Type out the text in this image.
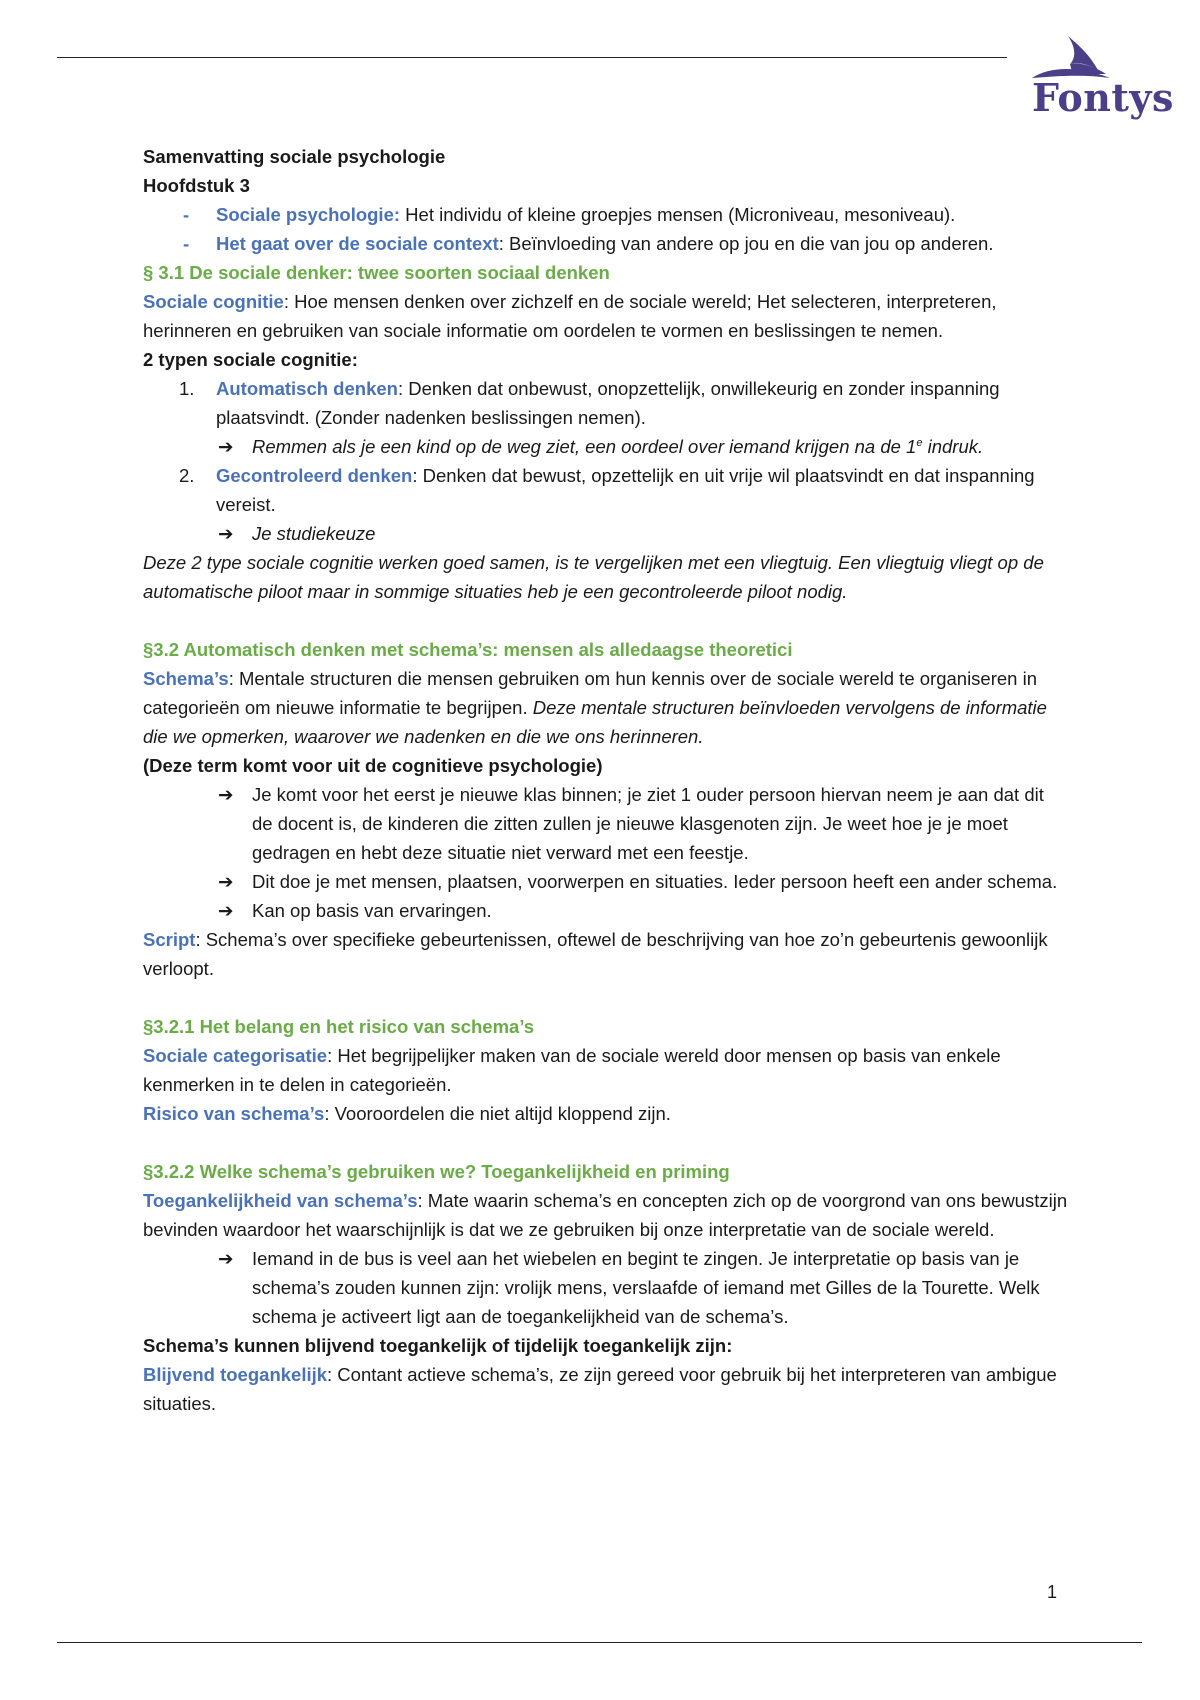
Fontys

Samenvatting sociale psychologie

Hoofdstuk 3

- Sociale psychologie: Het individu of kleine groepjes mensen (Microniveau, mesoniveau).

- Het gaat over de sociale context: Beïnvloeding van andere op jou en die van jou op anderen.

§ 3.1 De sociale denker: twee soorten sociaal denken

Sociale cognitie: Hoe mensen denken over zichzelf en de sociale wereld; Het selecteren, interpreteren, herinneren en gebruiken van sociale informatie om oordelen te vormen en beslissingen te nemen.

2 typen sociale cognitie:

1. Automatisch denken: Denken dat onbewust, onopzettelijk, onwillekeurig en zonder inspanning plaatsvindt. (Zonder nadenken beslissingen nemen).

➔ Remmen als je een kind op de weg ziet, een oordeel over iemand krijgen na de 1e indruk.

2. Gecontroleerd denken: Denken dat bewust, opzettelijk en uit vrije wil plaatsvindt en dat inspanning vereist.

➔ Je studiekeuze

Deze 2 type sociale cognitie werken goed samen, is te vergelijken met een vliegtuig. Een vliegtuig vliegt op de automatische piloot maar in sommige situaties heb je een gecontroleerde piloot nodig.

§3.2 Automatisch denken met schema’s: mensen als alledaagse theoretici

Schema’s: Mentale structuren die mensen gebruiken om hun kennis over de sociale wereld te organiseren in categorieën om nieuwe informatie te begrijpen. Deze mentale structuren beïnvloeden vervolgens de informatie die we opmerken, waarover we nadenken en die we ons herinneren.

(Deze term komt voor uit de cognitieve psychologie)

➔ Je komt voor het eerst je nieuwe klas binnen; je ziet 1 ouder persoon hiervan neem je aan dat dit de docent is, de kinderen die zitten zullen je nieuwe klasgenoten zijn. Je weet hoe je je moet gedragen en hebt deze situatie niet verward met een feestje.

➔ Dit doe je met mensen, plaatsen, voorwerpen en situaties. Ieder persoon heeft een ander schema.

➔ Kan op basis van ervaringen.

Script: Schema’s over specifieke gebeurtenissen, oftewel de beschrijving van hoe zo’n gebeurtenis gewoonlijk verloopt.

§3.2.1 Het belang en het risico van schema’s

Sociale categorisatie: Het begrijpelijker maken van de sociale wereld door mensen op basis van enkele kenmerken in te delen in categorieën.

Risico van schema’s: Vooroordelen die niet altijd kloppend zijn.

§3.2.2 Welke schema’s gebruiken we? Toegankelijkheid en priming

Toegankelijkheid van schema’s: Mate waarin schema’s en concepten zich op de voorgrond van ons bewustzijn bevinden waardoor het waarschijnlijk is dat we ze gebruiken bij onze interpretatie van de sociale wereld.

➔ Iemand in de bus is veel aan het wiebelen en begint te zingen. Je interpretatie op basis van je schema’s zouden kunnen zijn: vrolijk mens, verslaafde of iemand met Gilles de la Tourette. Welk schema je activeert ligt aan de toegankelijkheid van de schema’s.

Schema’s kunnen blijvend toegankelijk of tijdelijk toegankelijk zijn:

Blijvend toegankelijk: Contant actieve schema’s, ze zijn gereed voor gebruik bij het interpreteren van ambigue situaties.

1
